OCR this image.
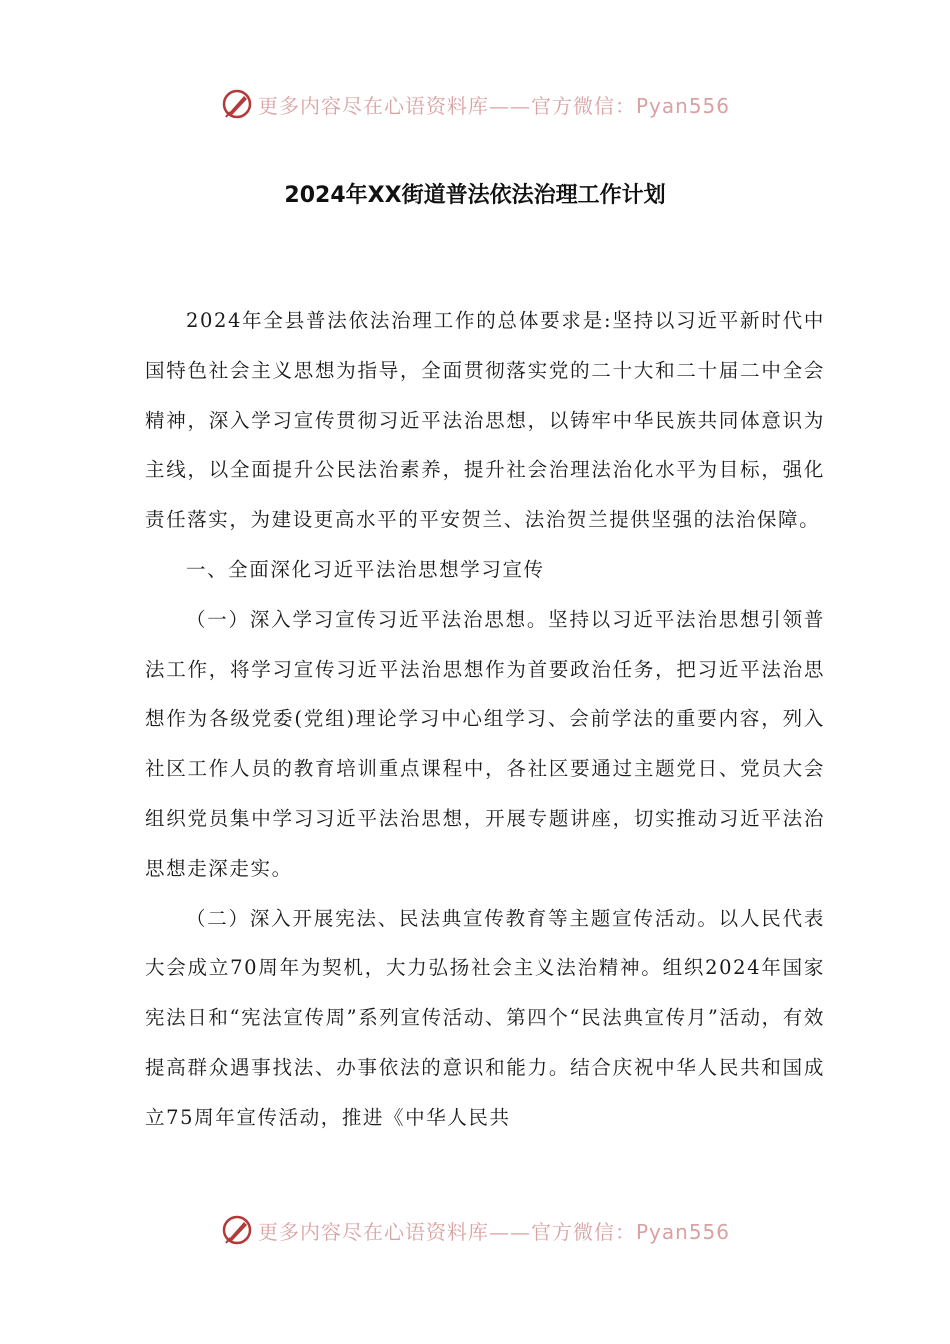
更多内容尽在心语资料库——官方微信：Pyan556
2024年XX街道普法依法治理工作计划

2024年全县普法依法治理工作的总体要求是:坚持以习近平新时代中国特色社会主义思想为指导，全面贯彻落实党的二十大和二十届二中全会精神，深入学习宣传贯彻习近平法治思想，以铸牢中华民族共同体意识为主线，以全面提升公民法治素养，提升社会治理法治化水平为目标，强化责任落实，为建设更高水平的平安贺兰、法治贺兰提供坚强的法治保障。

一、全面深化习近平法治思想学习宣传

（一）深入学习宣传习近平法治思想。坚持以习近平法治思想引领普法工作，将学习宣传习近平法治思想作为首要政治任务，把习近平法治思想作为各级党委(党组)理论学习中心组学习、会前学法的重要内容，列入社区工作人员的教育培训重点课程中，各社区要通过主题党日、党员大会组织党员集中学习习近平法治思想，开展专题讲座，切实推动习近平法治思想走深走实。

（二）深入开展宪法、民法典宣传教育等主题宣传活动。以人民代表大会成立70周年为契机，大力弘扬社会主义法治精神。组织2024年国家宪法日和“宪法宣传周”系列宣传活动、第四个“民法典宣传月”活动，有效提高群众遇事找法、办事依法的意识和能力。结合庆祝中华人民共和国成立75周年宣传活动，推进《中华人民共

更多内容尽在心语资料库——官方微信：Pyan556
